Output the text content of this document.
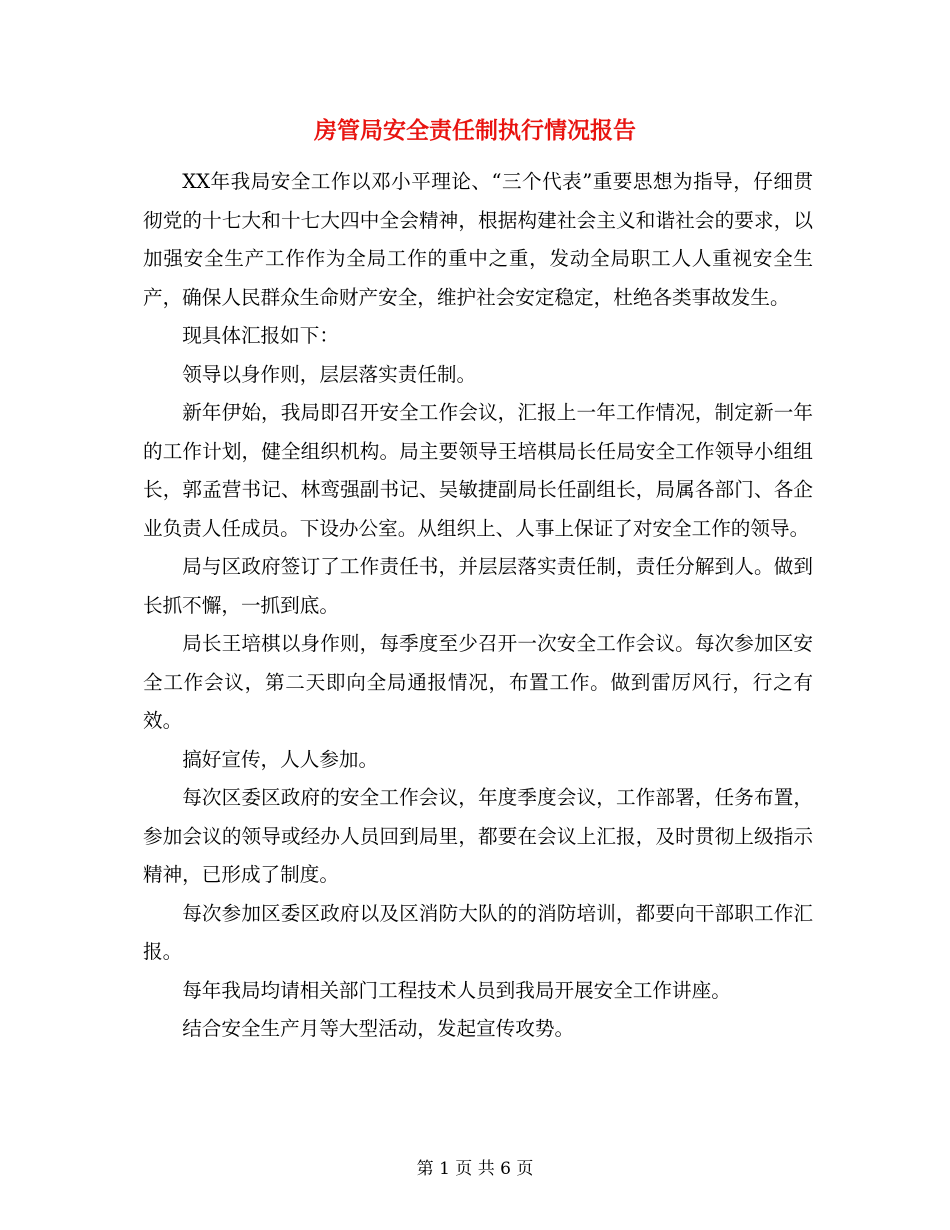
房管局安全责任制执行情况报告

XX年我局安全工作以邓小平理论、“三个代表”重要思想为指导，仔细贯彻党的十七大和十七大四中全会精神，根据构建社会主义和谐社会的要求，以加强安全生产工作作为全局工作的重中之重，发动全局职工人人重视安全生产，确保人民群众生命财产安全，维护社会安定稳定，杜绝各类事故发生。

现具体汇报如下：

领导以身作则，层层落实责任制。

新年伊始，我局即召开安全工作会议，汇报上一年工作情况，制定新一年的工作计划，健全组织机构。局主要领导王培棋局长任局安全工作领导小组组长，郭孟营书记、林鸾强副书记、吴敏捷副局长任副组长，局属各部门、各企业负责人任成员。下设办公室。从组织上、人事上保证了对安全工作的领导。

局与区政府签订了工作责任书，并层层落实责任制，责任分解到人。做到长抓不懈，一抓到底。

局长王培棋以身作则，每季度至少召开一次安全工作会议。每次参加区安全工作会议，第二天即向全局通报情况，布置工作。做到雷厉风行，行之有效。

搞好宣传，人人参加。

每次区委区政府的安全工作会议，年度季度会议，工作部署，任务布置，参加会议的领导或经办人员回到局里，都要在会议上汇报，及时贯彻上级指示精神，已形成了制度。

每次参加区委区政府以及区消防大队的的消防培训，都要向干部职工作汇报。

每年我局均请相关部门工程技术人员到我局开展安全工作讲座。

结合安全生产月等大型活动，发起宣传攻势。

第 1 页 共 6 页
